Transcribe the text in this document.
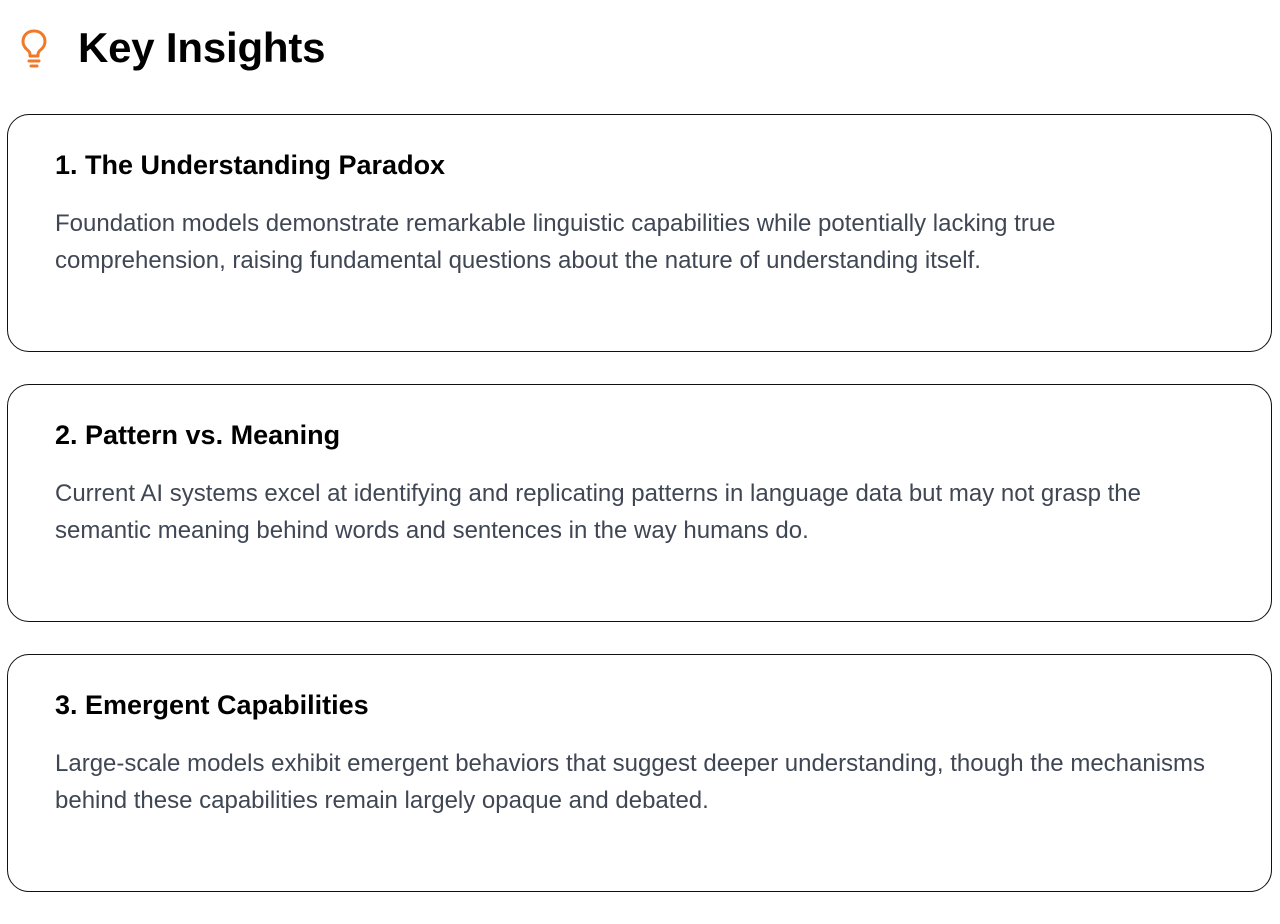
Key Insights
1. The Understanding Paradox

Foundation models demonstrate remarkable linguistic capabilities while potentially lacking true comprehension, raising fundamental questions about the nature of understanding itself.

2. Pattern vs. Meaning

Current AI systems excel at identifying and replicating patterns in language data but may not grasp the semantic meaning behind words and sentences in the way humans do.

3. Emergent Capabilities

Large-scale models exhibit emergent behaviors that suggest deeper understanding, though the mechanisms behind these capabilities remain largely opaque and debated.
